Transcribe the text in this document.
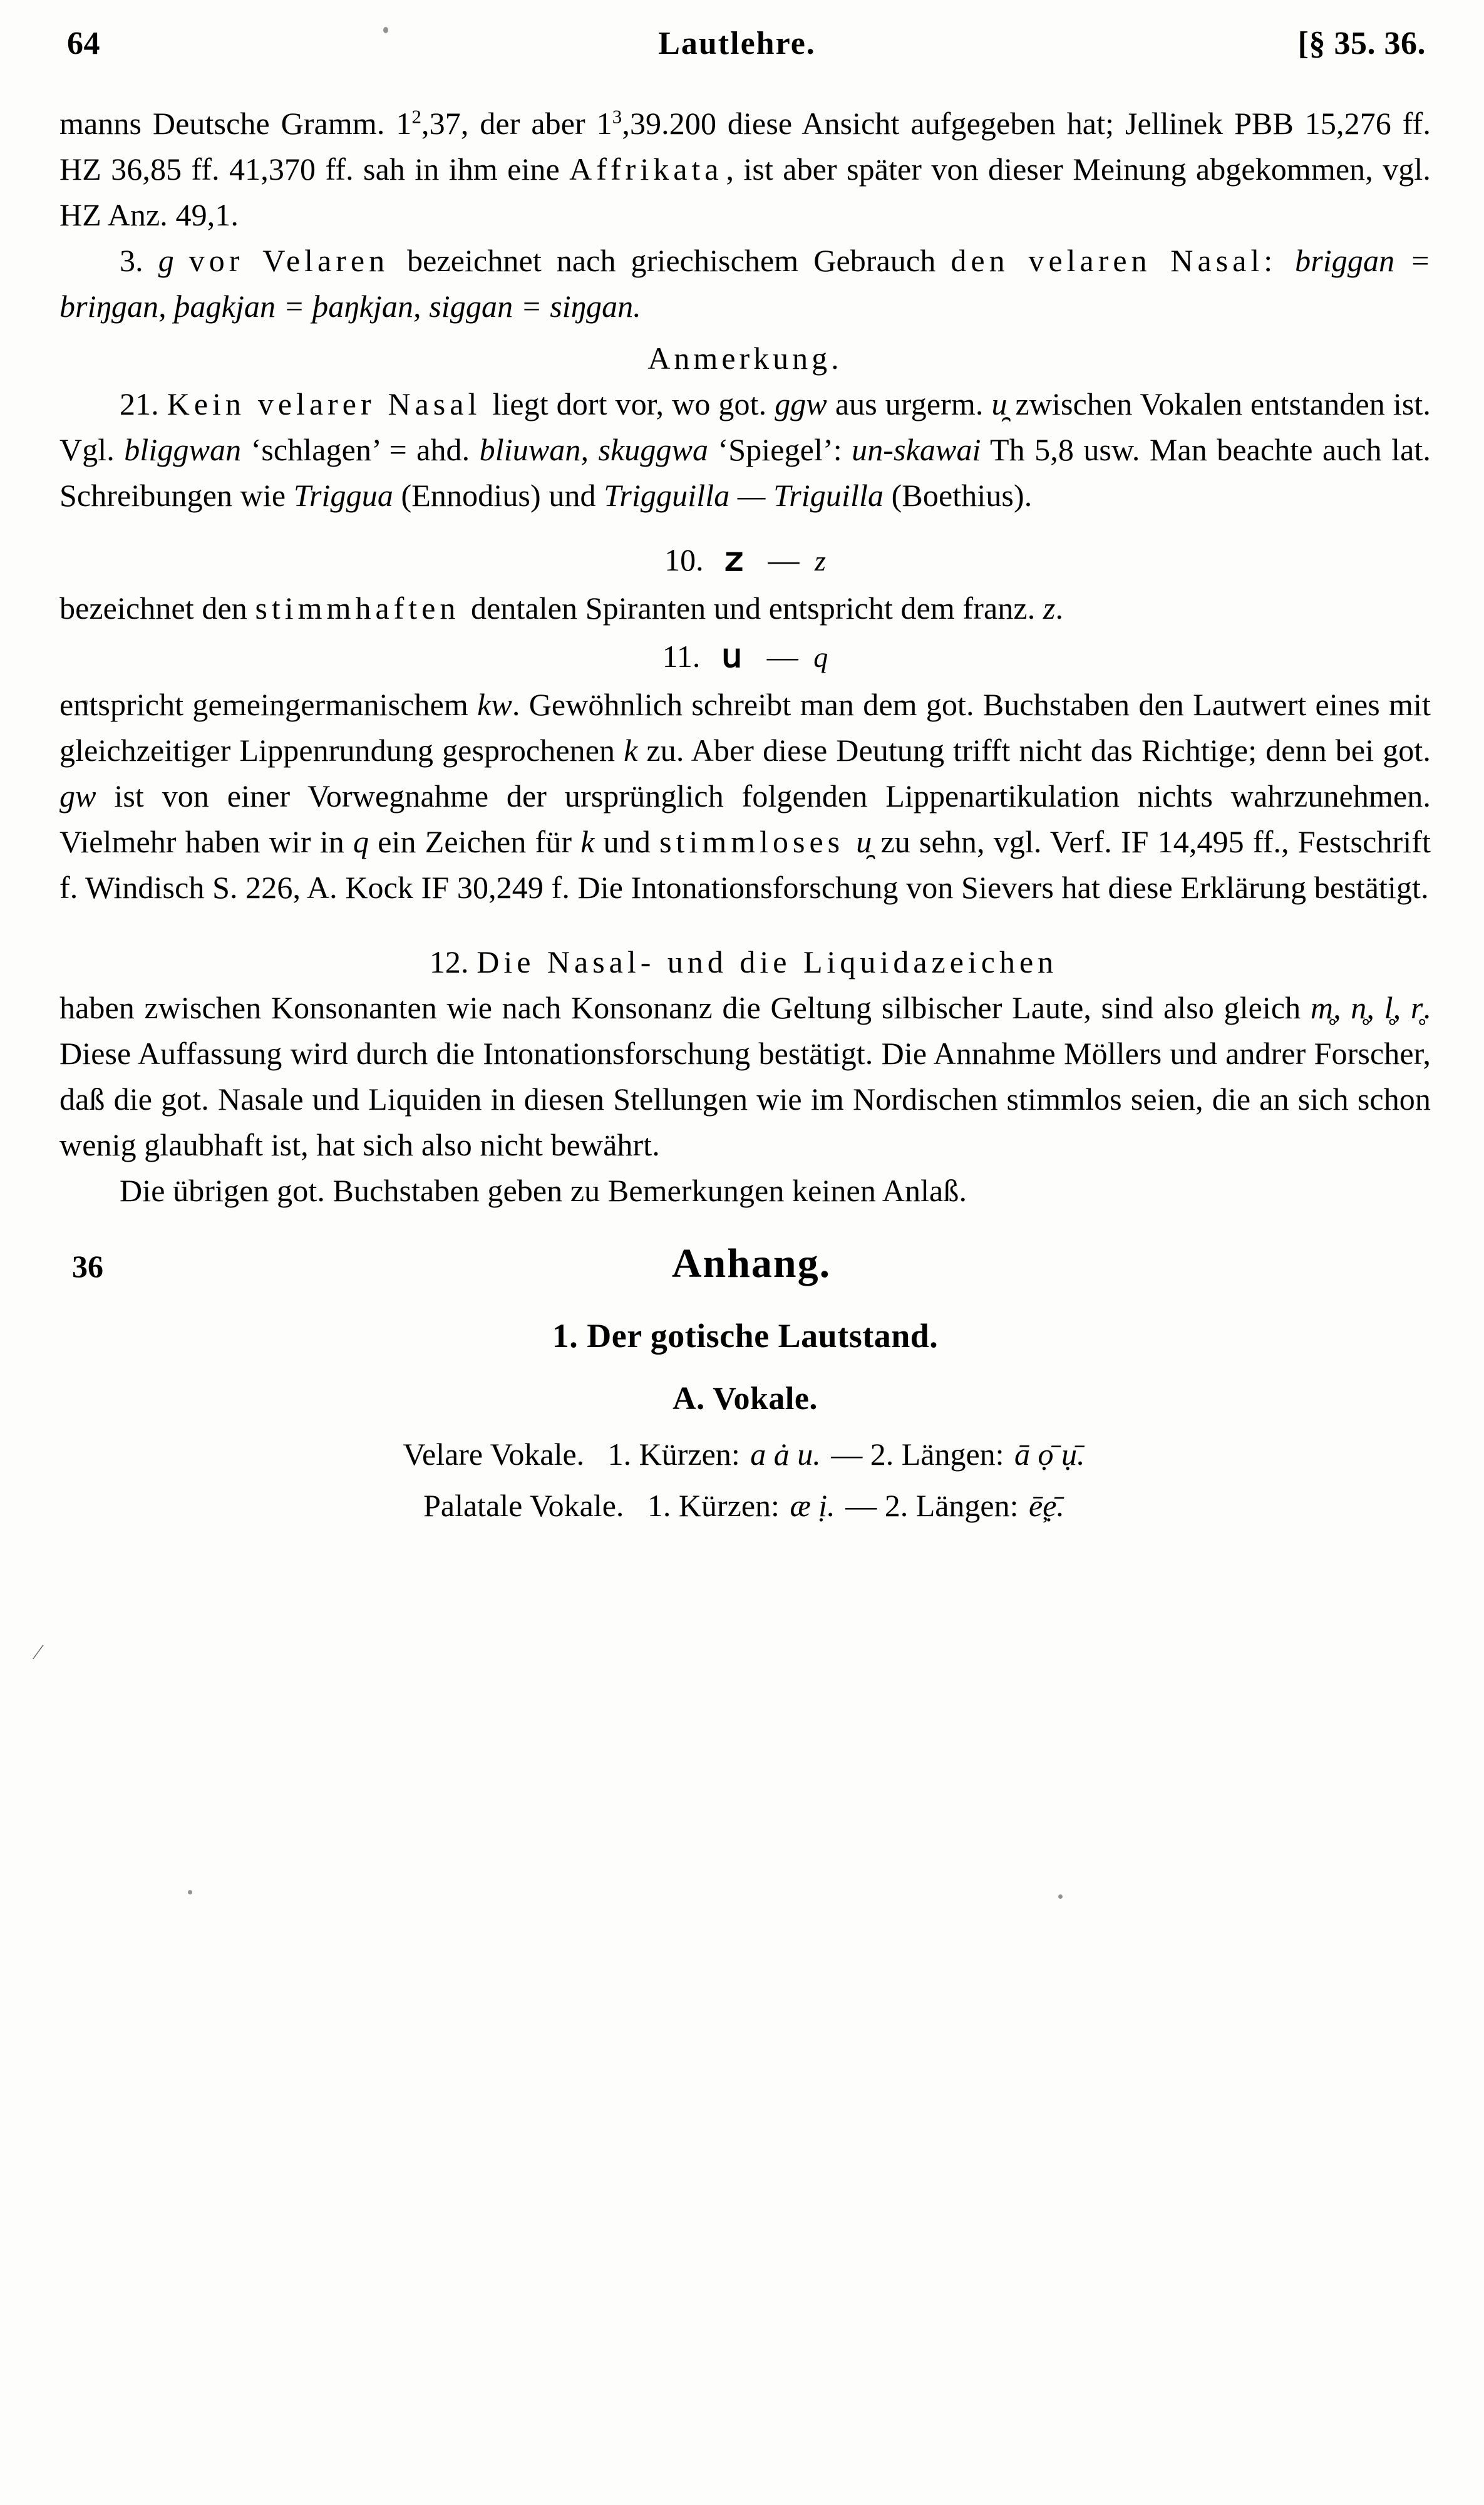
⁄
64	Lautlehre.	[§ 35. 36.

manns Deutsche Gramm. $1^2,37$, der aber $1^3,39.200$ diese Ansicht aufgegeben hat; Jellinek PBB 15,276 ff. HZ 36,85 ff. 41,370 ff. sah in ihm eine Affrikata , ist aber später von dieser Meinung abgekommen, vgl. HZ Anz. 49,1.

3. g vor Velaren bezeichnet nach griechischem Gebrauch den velaren Nasal: briggan = briŋgan, þagkjan = þaŋkjan, siggan = siŋgan.

Anmerkung.

21. Kein velarer Nasal liegt dort vor, wo got. ggw aus urgerm. u̯ zwischen Vokalen entstanden ist. Vgl. bliggwan ‘schlagen’ = ahd. bliuwan, skuggwa ‘Spiegel’: un-skawai Th 5,8 usw. Man beachte auch lat. Schreibungen wie Triggua (Ennodius) und Trigguilla — Triguilla (Boethius).

10. 𐌶 — z

bezeichnet den stimmhaften dentalen Spiranten und entspricht dem franz. z.

11. 𐌵 — q

entspricht gemeingermanischem kw. Gewöhnlich schreibt man dem got. Buchstaben den Lautwert eines mit gleichzeitiger Lippenrundung gesprochenen k zu. Aber diese Deutung trifft nicht das Richtige; denn bei got. gw ist von einer Vorwegnahme der ursprünglich folgenden Lippenartikulation nichts wahrzunehmen. Vielmehr haben wir in q ein Zeichen für k und stimmloses u̯ zu sehn, vgl. Verf. IF 14,495 ff., Festschrift f. Windisch S. 226, A. Kock IF 30,249 f. Die Intonationsforschung von Sievers hat diese Erklärung bestätigt.

12. Die Nasal- und die Liquidazeichen

haben zwischen Konsonanten wie nach Konsonanz die Geltung silbischer Laute, sind also gleich m̥, n̥, l̥, r̥. Diese Auffassung wird durch die Intonationsforschung bestätigt. Die Annahme Möllers und andrer Forscher, daß die got. Nasale und Liquiden in diesen Stellungen wie im Nordischen stimmlos seien, die an sich schon wenig glaubhaft ist, hat sich also nicht bewährt.

Die übrigen got. Buchstaben geben zu Bemerkungen keinen Anlaß.

36	Anhang.
1. Der gotische Lautstand.
A. Vokale.
Velare Vokale. 1. Kürzen: a ȧ u. — 2. Längen: ā ọ̄ ụ̄.
Palatale Vokale. 1. Kürzen: æ ị. — 2. Längen: ē̦ẹ̄.
